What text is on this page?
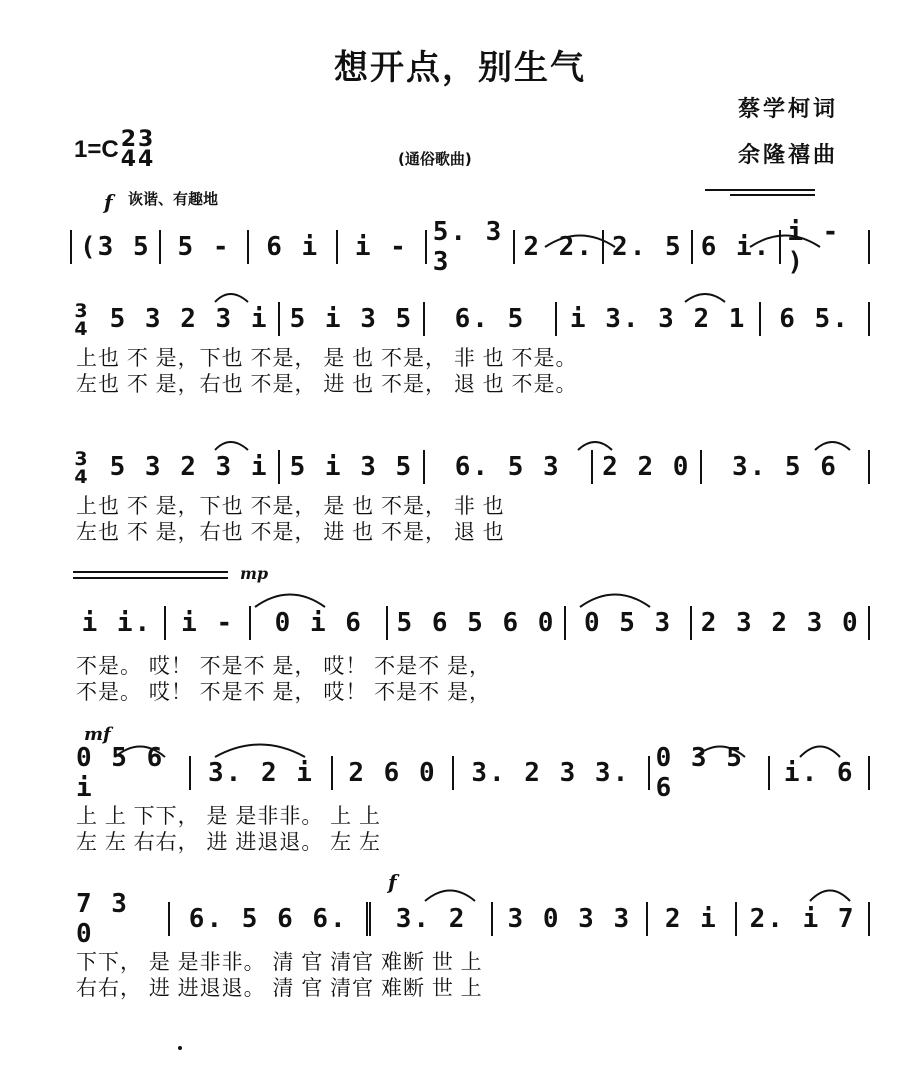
想开点，别生气
蔡学柯词
余隆禧曲
1=C 2
4
3
4	(通俗歌曲)
f 诙谐、有趣地
mp
mf
f
(3 5 5 - 6 i i - 5. 3 3	2 2. 2. 5 6 i. i - )
3
4 5 3 2 3 i 5 i 3 5 6. 5 i 3. 3 2 1 6 5.
上也 不 是，下也 不是， 是 也 不是， 非 也 不是。
左也 不 是，右也 不是， 进 也 不是， 退 也 不是。
3
4 5 3 2 3 i 5 i 3 5 6. 5 3 2 2 0 3. 5 6
上也 不 是，下也 不是， 是 也 不是， 非 也
左也 不 是，右也 不是， 进 也 不是， 退 也
i i. i - 0 i 6 5 6 5 6 0 0 5 3 2 3 2 3 0
不是。 哎！ 不是不 是， 哎！ 不是不 是，
不是。 哎！ 不是不 是， 哎！ 不是不 是，
0 5 6 i	3. 2 i 2 6 0 3. 2 3 3. 0 3 5 6	i. 6
上 上 下下， 是 是非非。 上 上
左 左 右右， 进 进退退。 左 左
7 3 0	6. 5 6 6. 3. 2 3 0 3 3 2 i 2. i 7
下下， 是 是非非。 清 官 清官 难断 世 上
右右， 进 进退退。 清 官 清官 难断 世 上
